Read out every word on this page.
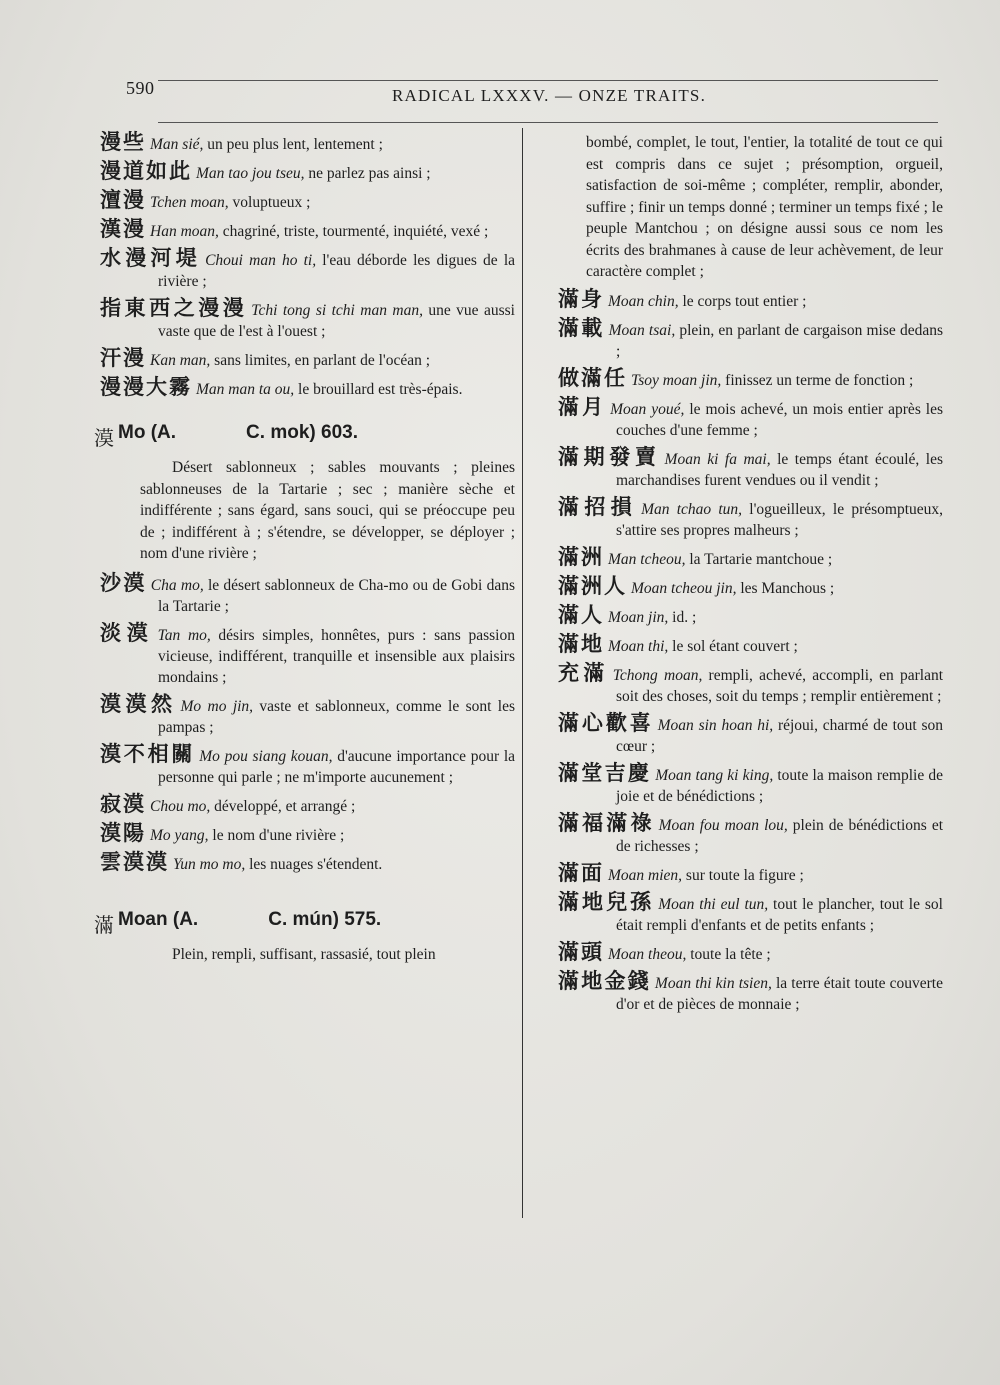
590	RADICAL LXXXV. — ONZE TRAITS.
漫些 Man sié, un peu plus lent, lentement ;
漫道如此 Man tao jou tseu, ne parlez pas ainsi ;
澶漫 Tchen moan, voluptueux ;
漢漫 Han moan, chagriné, triste, tourmenté, inquiété, vexé ;
水漫河堤 Choui man ho ti, l'eau déborde les digues de la rivière ;
指東西之漫漫 Tchi tong si tchi man man, une vue aussi vaste que de l'est à l'ouest ;
汗漫 Kan man, sans limites, en parlant de l'océan ;
漫漫大霧 Man man ta ou, le brouillard est très-épais.
漠 Mo (A.	C. mok) 603.
Désert sablonneux ; sables mouvants ; pleines sablonneuses de la Tartarie ; sec ; manière sèche et indifférente ; sans égard, sans souci, qui se préoccupe peu de ; indifférent à ; s'étendre, se développer, se déployer ; nom d'une rivière ;
沙漠 Cha mo, le désert sablonneux de Cha-mo ou de Gobi dans la Tartarie ;
淡漠 Tan mo, désirs simples, honnêtes, purs : sans passion vicieuse, indifférent, tranquille et insensible aux plaisirs mondains ;
漠漠然 Mo mo jin, vaste et sablonneux, comme le sont les pampas ;
漠不相關 Mo pou siang kouan, d'aucune importance pour la personne qui parle ; ne m'importe aucunement ;
寂漠 Chou mo, développé, et arrangé ;
漠陽 Mo yang, le nom d'une rivière ;
雲漠漠 Yun mo mo, les nuages s'étendent.
滿 Moan (A.	C. mún) 575.
Plein, rempli, suffisant, rassasié, tout plein
bombé, complet, le tout, l'entier, la totalité de tout ce qui est compris dans ce sujet ; présomption, orgueil, satisfaction de soi-même ; compléter, remplir, abonder, suffire ; finir un temps donné ; terminer un temps fixé ; le peuple Mantchou ; on désigne aussi sous ce nom les écrits des brahmanes à cause de leur achèvement, de leur caractère complet ;
滿身 Moan chin, le corps tout entier ;
滿載 Moan tsai, plein, en parlant de cargaison mise dedans ;
做滿任 Tsoy moan jin, finissez un terme de fonction ;
滿月 Moan youé, le mois achevé, un mois entier après les couches d'une femme ;
滿期發賣 Moan ki fa mai, le temps étant écoulé, les marchandises furent vendues ou il vendit ;
滿招損 Man tchao tun, l'ogueilleux, le présomptueux, s'attire ses propres malheurs ;
滿洲 Man tcheou, la Tartarie mantchoue ;
滿洲人 Moan tcheou jin, les Manchous ;
滿人 Moan jin, id. ;
滿地 Moan thi, le sol étant couvert ;
充滿 Tchong moan, rempli, achevé, accompli, en parlant soit des choses, soit du temps ; remplir entièrement ;
滿心歡喜 Moan sin hoan hi, réjoui, charmé de tout son cœur ;
滿堂吉慶 Moan tang ki king, toute la maison remplie de joie et de bénédictions ;
滿福滿祿 Moan fou moan lou, plein de bénédictions et de richesses ;
滿面 Moan mien, sur toute la figure ;
滿地兒孫 Moan thi eul tun, tout le plancher, tout le sol était rempli d'enfants et de petits enfants ;
滿頭 Moan theou, toute la tête ;
滿地金錢 Moan thi kin tsien, la terre était toute couverte d'or et de pièces de monnaie ;
